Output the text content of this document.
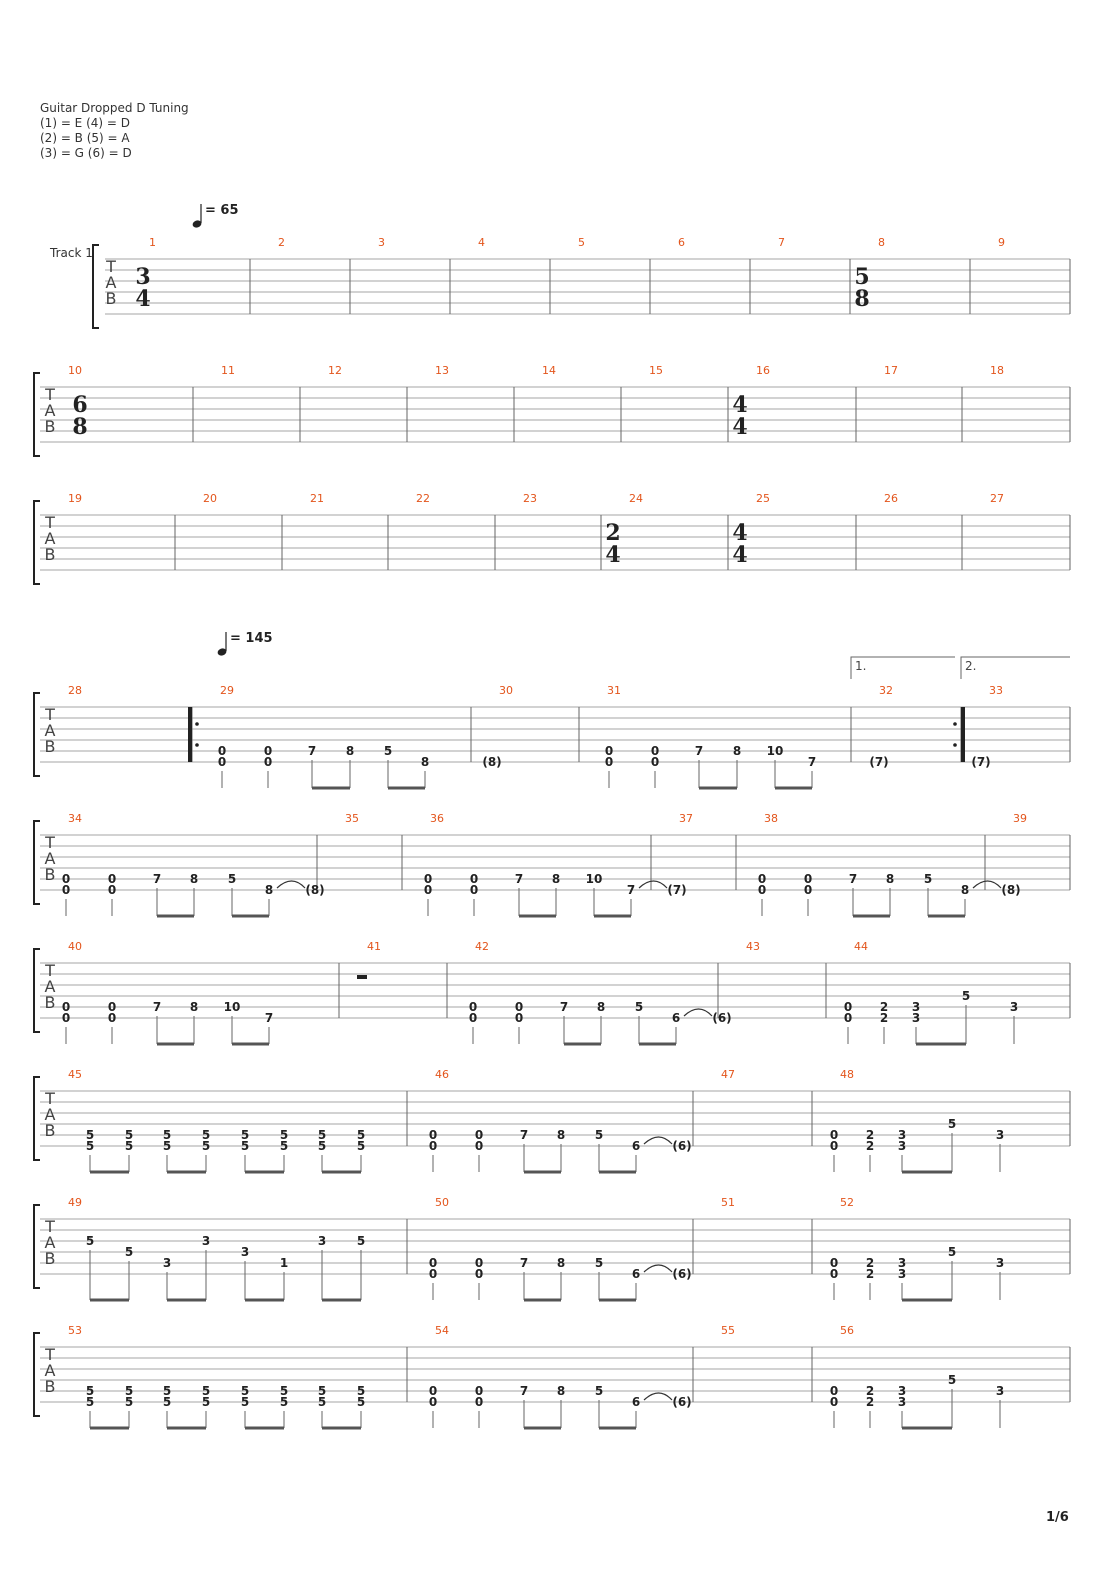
Guitar Dropped D Tuning
(1) = E (4) = D
(2) = B (5) = A
(3) = G (6) = D
T
A
B
Track 1
1
3
4
2	3	4	5	6	7	8
5
8
9
T
A
B
10
6
8
11	12	13	14	15	16
4
4
17	18
T
A
B
19	20	21	22	23	24
2
4
25
4
4
26	27
T
A
B
28	29
0
0
0
0
7 8 5
8	(8)
30	31
0
0
0
0
7 8 10
7	(7)
32	33
(7)
1.	2.
T
A
B
34
0
0
0
0
7 8 5
8	(8)
35	36
0
0
0
0
7 8 10
7	(7)
37	38
0
0
0
0
7 8 5
8	(8)
39
T
A
B
40
0
0
0
0
7 8 10
7
41	42
0
0
0
0
7 8 5
6	(6)
43	44
0
0
2
2
3
3
5
3
T
A
B
45
5
5
5
5
5
5
5
5
5
5
5
5
5
5
5
5
46
0
0
0
0
7 8 5
6	(6)
47	48
0
0
2
2
3
3
5
3
T
A
B
49
5
5
3
3
3
1
3	5
50
0
0
0
0
7 8 5
6	(6)
51	52
0
0
2
2
3
3
5
3
T
A
B
53
5
5
5
5
5
5
5
5
5
5
5
5
5
5
5
5
54
0
0
0
0
7 8 5
6	(6)
55	56
0
0
2
2
3
3
5
3
= 65
= 145
1/6
